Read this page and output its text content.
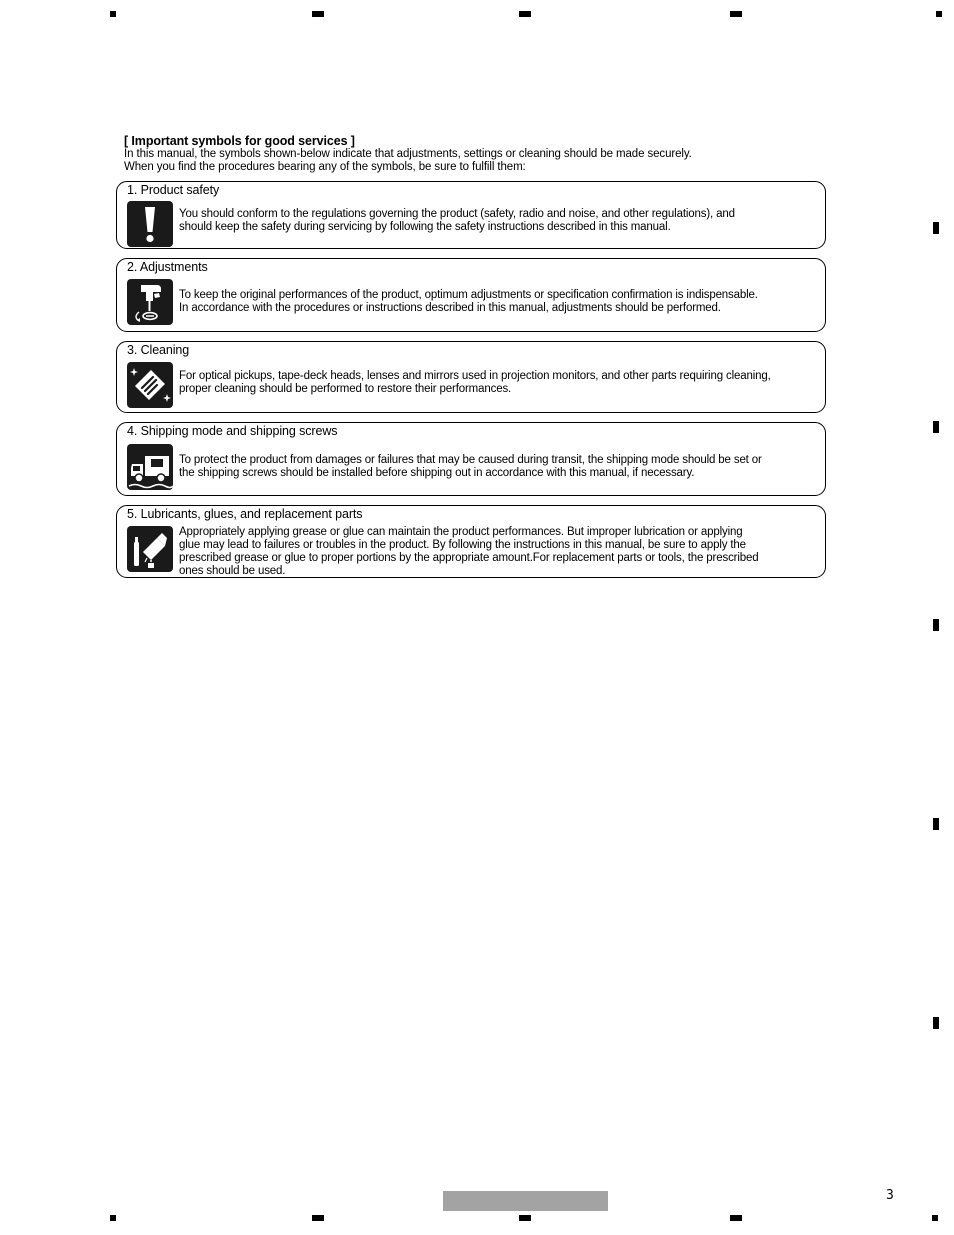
[ Important symbols for good services ]
In this manual, the symbols shown-below indicate that adjustments, settings or cleaning should be made securely.
When you find the procedures bearing any of the symbols, be sure to fulfill them:
1. Product safety
You should conform to the regulations governing the product (safety, radio and noise, and other regulations), and
should keep the safety during servicing by following the safety instructions described in this manual.
2. Adjustments
To keep the original performances of the product, optimum adjustments or specification confirmation is indispensable.
In accordance with the procedures or instructions described in this manual, adjustments should be performed.
3. Cleaning
For optical pickups, tape-deck heads, lenses and mirrors used in projection monitors, and other parts requiring cleaning,
proper cleaning should be performed to restore their performances.
4. Shipping mode and shipping screws
To protect the product from damages or failures that may be caused during transit, the shipping mode should be set or
the shipping screws should be installed before shipping out in accordance with this manual, if necessary.
5. Lubricants, glues, and replacement parts
Appropriately applying grease or glue can maintain the product performances. But improper lubrication or applying
glue may lead to failures or troubles in the product. By following the instructions in this manual, be sure to apply the
prescribed grease or glue to proper portions by the appropriate amount.For replacement parts or tools, the prescribed
ones should be used.
3
